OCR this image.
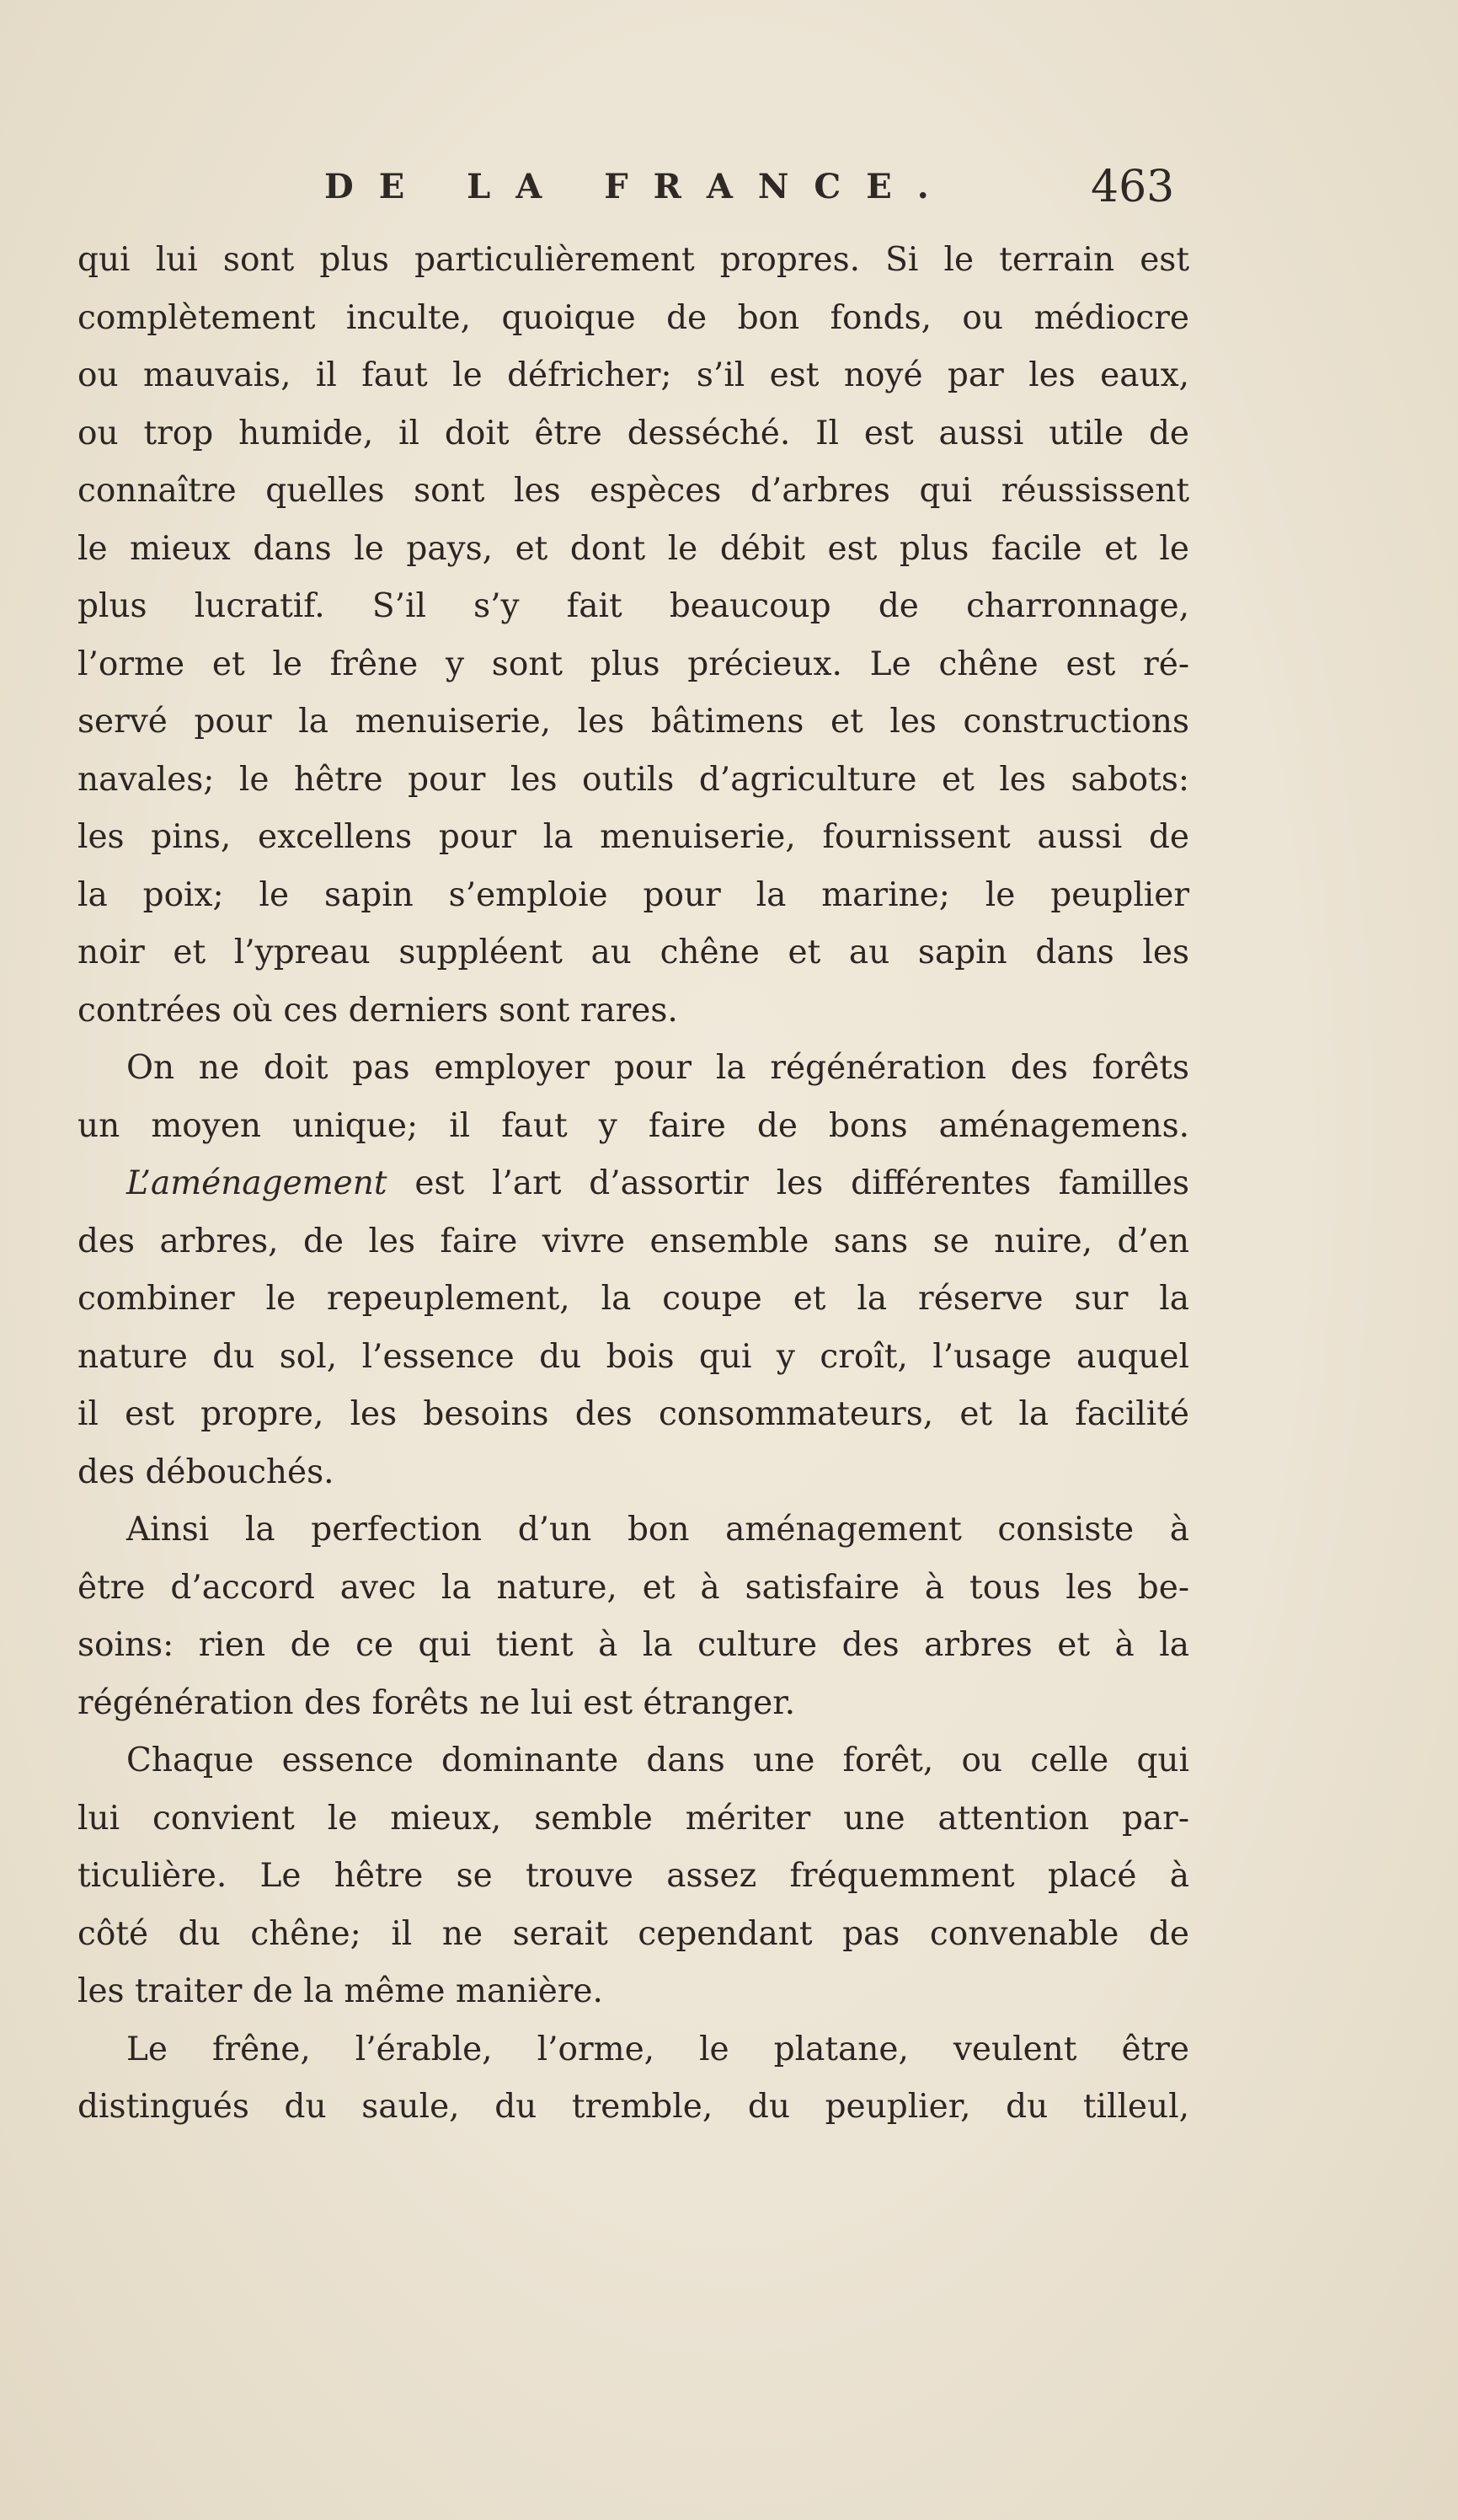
DE LA FRANCE.	463
qui lui sont plus particulièrement propres. Si le terrain est
complètement inculte, quoique de bon fonds, ou médiocre
ou mauvais, il faut le défricher; s’il est noyé par les eaux,
ou trop humide, il doit être desséché. Il est aussi utile de
connaître quelles sont les espèces d’arbres qui réussissent
le mieux dans le pays, et dont le débit est plus facile et le
plus lucratif. S’il s’y fait beaucoup de charronnage,
l’orme et le frêne y sont plus précieux. Le chêne est ré-
servé pour la menuiserie, les bâtimens et les constructions
navales; le hêtre pour les outils d’agriculture et les sabots:
les pins, excellens pour la menuiserie, fournissent aussi de
la poix; le sapin s’emploie pour la marine; le peuplier
noir et l’ypreau suppléent au chêne et au sapin dans les
contrées où ces derniers sont rares.
On ne doit pas employer pour la régénération des forêts
un moyen unique; il faut y faire de bons aménagemens.
L’aménagement est l’art d’assortir les différentes familles
des arbres, de les faire vivre ensemble sans se nuire, d’en
combiner le repeuplement, la coupe et la réserve sur la
nature du sol, l’essence du bois qui y croît, l’usage auquel
il est propre, les besoins des consommateurs, et la facilité
des débouchés.
Ainsi la perfection d’un bon aménagement consiste à
être d’accord avec la nature, et à satisfaire à tous les be-
soins: rien de ce qui tient à la culture des arbres et à la
régénération des forêts ne lui est étranger.
Chaque essence dominante dans une forêt, ou celle qui
lui convient le mieux, semble mériter une attention par-
ticulière. Le hêtre se trouve assez fréquemment placé à
côté du chêne; il ne serait cependant pas convenable de
les traiter de la même manière.
Le frêne, l’érable, l’orme, le platane, veulent être
distingués du saule, du tremble, du peuplier, du tilleul,
